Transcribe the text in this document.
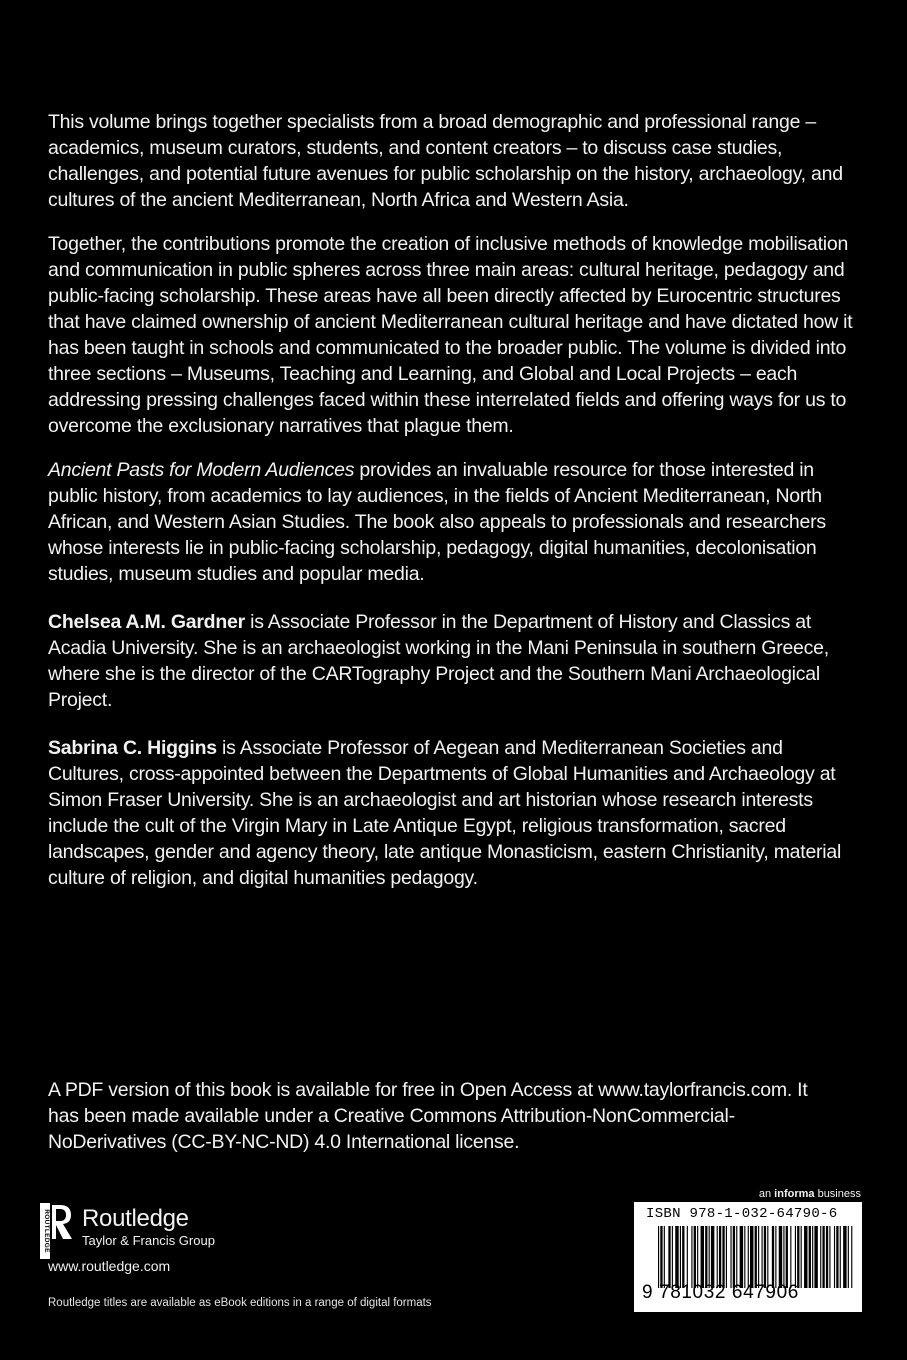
This volume brings together specialists from a broad demographic and professional range – academics, museum curators, students, and content creators – to discuss case studies, challenges, and potential future avenues for public scholarship on the history, archaeology, and cultures of the ancient Mediterranean, North Africa and Western Asia.

Together, the contributions promote the creation of inclusive methods of knowledge mobilisation and communication in public spheres across three main areas: cultural heritage, pedagogy and public-facing scholarship. These areas have all been directly affected by Eurocentric structures that have claimed ownership of ancient Mediterranean cultural heritage and have dictated how it has been taught in schools and communicated to the broader public. The volume is divided into three sections – Museums, Teaching and Learning, and Global and Local Projects – each addressing pressing challenges faced within these interrelated fields and offering ways for us to overcome the exclusionary narratives that plague them.

Ancient Pasts for Modern Audiences provides an invaluable resource for those interested in public history, from academics to lay audiences, in the fields of Ancient Mediterranean, North African, and Western Asian Studies. The book also appeals to professionals and researchers whose interests lie in public-facing scholarship, pedagogy, digital humanities, decolonisation studies, museum studies and popular media.

Chelsea A.M. Gardner is Associate Professor in the Department of History and Classics at Acadia University. She is an archaeologist working in the Mani Peninsula in southern Greece, where she is the director of the CARTography Project and the Southern Mani Archaeological Project.

Sabrina C. Higgins is Associate Professor of Aegean and Mediterranean Societies and Cultures, cross-appointed between the Departments of Global Humanities and Archaeology at Simon Fraser University. She is an archaeologist and art historian whose research interests include the cult of the Virgin Mary in Late Antique Egypt, religious transformation, sacred landscapes, gender and agency theory, late antique Monasticism, eastern Christianity, material culture of religion, and digital humanities pedagogy.

A PDF version of this book is available for free in Open Access at www.taylorfrancis.com. It has been made available under a Creative Commons Attribution-NonCommercial-NoDerivatives (CC-BY-NC-ND) 4.0 International license.
ROUTLEDGE Routledge
Taylor & Francis Group
www.routledge.com
Routledge titles are available as eBook editions in a range of digital formats
an informa business
ISBN 978-1-032-64790-6
9 781032 647906
